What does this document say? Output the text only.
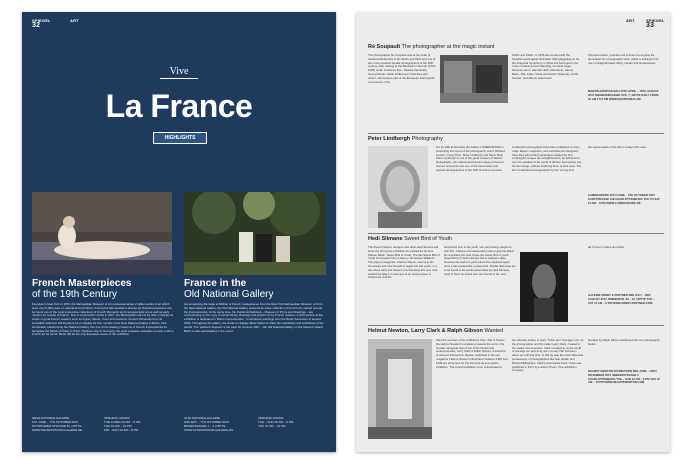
SPIEGEL
32
ART
Vive
La France
HIGHLIGHTS
French Masterpieces
of the 19th Century
France in the
Old National Gallery
Founded in New York in 1870, the Metropolitan Museum of Art possesses about 2 million works of art which span over 5,000 years of cultural and art history. Among the Metropolitan's diverse art historical treasures can be found one of the most impressive collections of French Romantic and Impressionistic art as well as early modern art outside of France. Due to construction works in 2007, the Metropolitan will not be able to display its works of great French masters such as Ingres, Monet, Corot and Cezanne. Around 150 works from its incredible collection will therefore be on display for four months in the New National Gallery in Berlin, thus temporarily transforming the National Gallery into one of the leading museums of French Impressionist art alongside the Musee d'Orsay in Paris. Nowhere else in Germany can such exquisite examples of early modern French art be found. Berlin will be the only European venue of the exhibition.
Accompanying the large exhibition of French masterpieces from the New York Metropolitan Museum of Art in the New National Gallery, the Old National Gallery presents its entire collection of French art, carried around the Impressionists. At the same time, the Kupferstichkabinett – Museum of Prints and Drawings – are concentrating on the copy of extraordinary drawings and graphic art by French masters. A third section of the exhibition is dedicated to 'Berlin Impressionism'. It introduces paintings from the Berlin Secession of around 1900. Throughout the gallery, the works on display allow visitors to trace the workshops and exhibitions of the period. The 'painters' bequest' is the topic for summer 2007 – the Old National Gallery on the Museum Island Berlin is also participating in the event.
NEUE NATIONALGALERIE
1ST JUNE – 7TH OCTOBER 2007
POTSDAMER STRASSE 50 | MITTE
WWW.NEUENATIONALGALERIE.DE
OPENING HOURS
TUE & WED 10 AM – 8 PM
THU 10 AM – 10 PM
FRI – SUN 10 AM – 8 PM
ALTE NATIONALGALERIE
2ND MAY – 7TH OCTOBER 2007
BODESTRASSE 1 – 3 | MITTE
WWW.ALTENATIONALGALERIE.DE
OPENING HOURS
TUE – SUN 10 AM – 6 PM
THU 10 AM – 10 PM
ART	SPIEGEL
33
Ré Soupault The photographer at the magic instant
The photographer Ré Soupault was at the heart of classical Modernism in the Berlin and Paris and one of the most important female photographers of the 20th century. After training at the Bauhaus in Weimar (1921-1925) under Johannes Itten, Wassily Kandinsky, Georg Muche, Oskar Schlemmer, Paul Klee and others, she became part of the European avant-garde movements of the
1920s and 1930s. In 1925 she worked with the Swedish avant-garde filmmaker Viking Eggeling on his film Diagonal Symphony. In Paris she belonged to the circle of artists around Man Ray, Fernand Léger, Florence Henri, Hannah Höch, Max Ernst, Hanns Berlin, Kiki, Fujita, Sonia and Robert Delaunay, André Kertész, and Alberto Giacometti.
Photojournalism, portraits and scenes of everyday life dominated her photographic work, which is striking for its use of straightforward clarity, candor and timelessness.
MARTIN-GROPIUS-BAU 20TH APRIL – 16TH AUGUST 2007 NIEDERKIRCHNER STR. 7 | MITTE DAILY FROM 10 AM TO 8 PM WWW.GROPIUSBAU.DE
Peter Lindbergh Photography
For its 10th anniversary the Gallery CAMERAWORK is presenting four icons of the photography world: Richard Avedon, Irving Penn, Peter Lindbergh and Steve Klein. Peter Lindbergh is one of the great masters of fashion photography. His natural and honest images of famous women turned him into one of the best-known and popular photographers of the 20th and 21st centuries.
Lindbergh's photographs have been published in every major fashion magazine, and world-famous designers have their advertising campaigns realized by him. Lindbergh's images are straightforward, he achieves to turn the goddess of the world of fashion and movies into human beings, without depriving them of their aura. The list of celebrities photographed by him is long from
the supermodels of the 90s to today's film stars.
CAMERAWORK 30TH JUNE – 6TH OCTOBER 2007 KANTSTRASSE 149 CHARLOTTENBURG TUE TO SAT 11 AM – 6 PM WWW.CAMERAWORK.DE
Hedi Slimane Sweet Bird of Youth
The French fashion designer and artist Hedi Slimane will show the first group exhibition he curated for Arndt & Partner Berlin. Sweet Bird of Youth. The title Sweet Bird of Youth is borrowed from a play by Tennessee Williams. The play's protagonist, Chance Wayne, returns to his hometown and tries himself to regain his lost youth, in a tale about early lost dreams of a has-been film star, who wasted his talent on attempts at an acting career in Hollywood, and the
left-behind love of his youth. His past having caught up with him, Chance now desperately tries to give his failed life a positive turn and chase the sweet bird of youth. Sweet Bird of Youth narrows this in-between state, because the world of youth cannot be captured again once it has passed like a sweet bird. Similar dilemmas are to be found in the works assembled by Hedi Slimane, most of them by artists who are friends of his, and
all of them in black and white.
GALERIE ARNDT & PARTNER 3RD JULY – 3RD AUGUST 2007 ZIMMERSTR. 90 – 91 | MITTE TUE – SAT 11 AM – 6 PM WWW.ARNDT-PARTNER.COM
Helmut Newton, Larry Clark & Ralph Gibson Wanted
After the success of the exhibitions 'Men, War & Peace', the Helmut Newton Foundation presents the work of its founder alongside that of two of his friends and contemporaries, Larry Clark & Ralph Gibson. A selection of pictures that Helmut Newton published in his own magazine 'Helmut Newton's Illustrated' between 1987 and 1995 are presented for the first time as a complete exhibition. The central exhibition room is dedicated to
two ultimate bodies of work, 'Tulsa' and 'Teenage Lust', by the photographer and filmmaker Larry Clark, created in the sixties and seventies. Clark revealed to us the world of teenage sex and drug use in a way that had been taboo up until that time. In this he was the most influential predecessor of photographers like Nan Goldin and Richard Billingham. Clark's provocative book 'Tulsa' was published in 1971 by Lustrum Press. This publishing company
founded by Ralph Gibson distributed his own photography books.
HELMUT NEWTON FOUNDATION 3RD JUNE – 18TH NOVEMBER 2007 JEBENSSTRASSE 2 CHARLOTTENBURG TUE – SUN 10 AM – 6 PM THU 10 AM – 10 PM WWW.HELMUTNEWTON.COM
